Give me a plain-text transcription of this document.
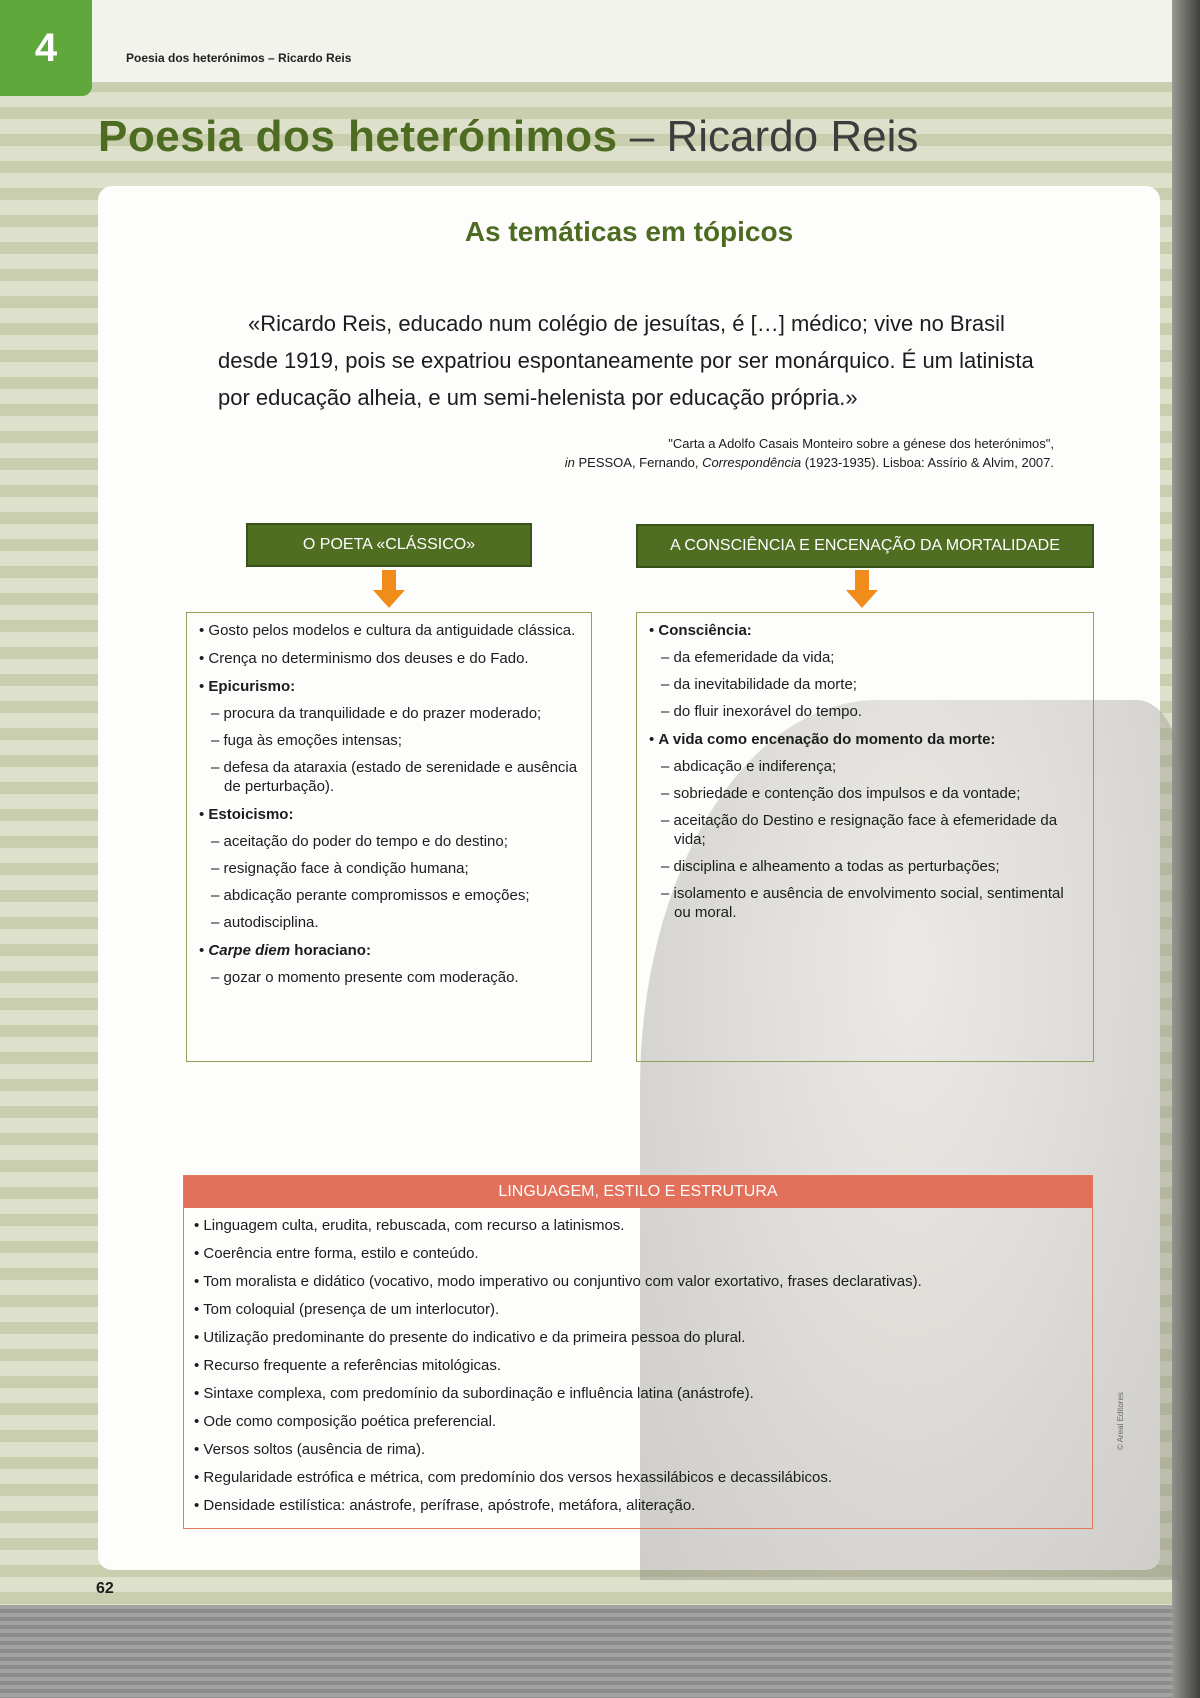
4	Poesia dos heterónimos – Ricardo Reis
Poesia dos heterónimos – Ricardo Reis
As temáticas em tópicos
«Ricardo Reis, educado num colégio de jesuítas, é […] médico; vive no Brasil desde 1919, pois se expatriou espontaneamente por ser monárquico. É um latinista por educação alheia, e um semi-helenista por educação própria.»
"Carta a Adolfo Casais Monteiro sobre a génese dos heterónimos",
in PESSOA, Fernando, Correspondência (1923-1935). Lisboa: Assírio & Alvim, 2007.
O POETA «CLÁSSICO»
• Gosto pelos modelos e cultura da antiguidade clássica.
• Crença no determinismo dos deuses e do Fado.
• Epicurismo:
– procura da tranquilidade e do prazer moderado;
– fuga às emoções intensas;
– defesa da ataraxia (estado de serenidade e ausência de perturbação).
• Estoicismo:
– aceitação do poder do tempo e do destino;
– resignação face à condição humana;
– abdicação perante compromissos e emoções;
– autodisciplina.
• Carpe diem horaciano:
– gozar o momento presente com moderação.
A CONSCIÊNCIA E ENCENAÇÃO DA MORTALIDADE
• Consciência:
– da efemeridade da vida;
– da inevitabilidade da morte;
– do fluir inexorável do tempo.
• A vida como encenação do momento da morte:
– abdicação e indiferença;
– sobriedade e contenção dos impulsos e da vontade;
– aceitação do Destino e resignação face à efemeridade da vida;
– disciplina e alheamento a todas as perturbações;
– isolamento e ausência de envolvimento social, sentimental ou moral.
LINGUAGEM, ESTILO E ESTRUTURA
• Linguagem culta, erudita, rebuscada, com recurso a latinismos.
• Coerência entre forma, estilo e conteúdo.
• Tom moralista e didático (vocativo, modo imperativo ou conjuntivo com valor exortativo, frases declarativas).
• Tom coloquial (presença de um interlocutor).
• Utilização predominante do presente do indicativo e da primeira pessoa do plural.
• Recurso frequente a referências mitológicas.
• Sintaxe complexa, com predomínio da subordinação e influência latina (anástrofe).
• Ode como composição poética preferencial.
• Versos soltos (ausência de rima).
• Regularidade estrófica e métrica, com predomínio dos versos hexassilábicos e decassilábicos.
• Densidade estilística: anástrofe, perífrase, apóstrofe, metáfora, aliteração.
62
© Areal Editores
